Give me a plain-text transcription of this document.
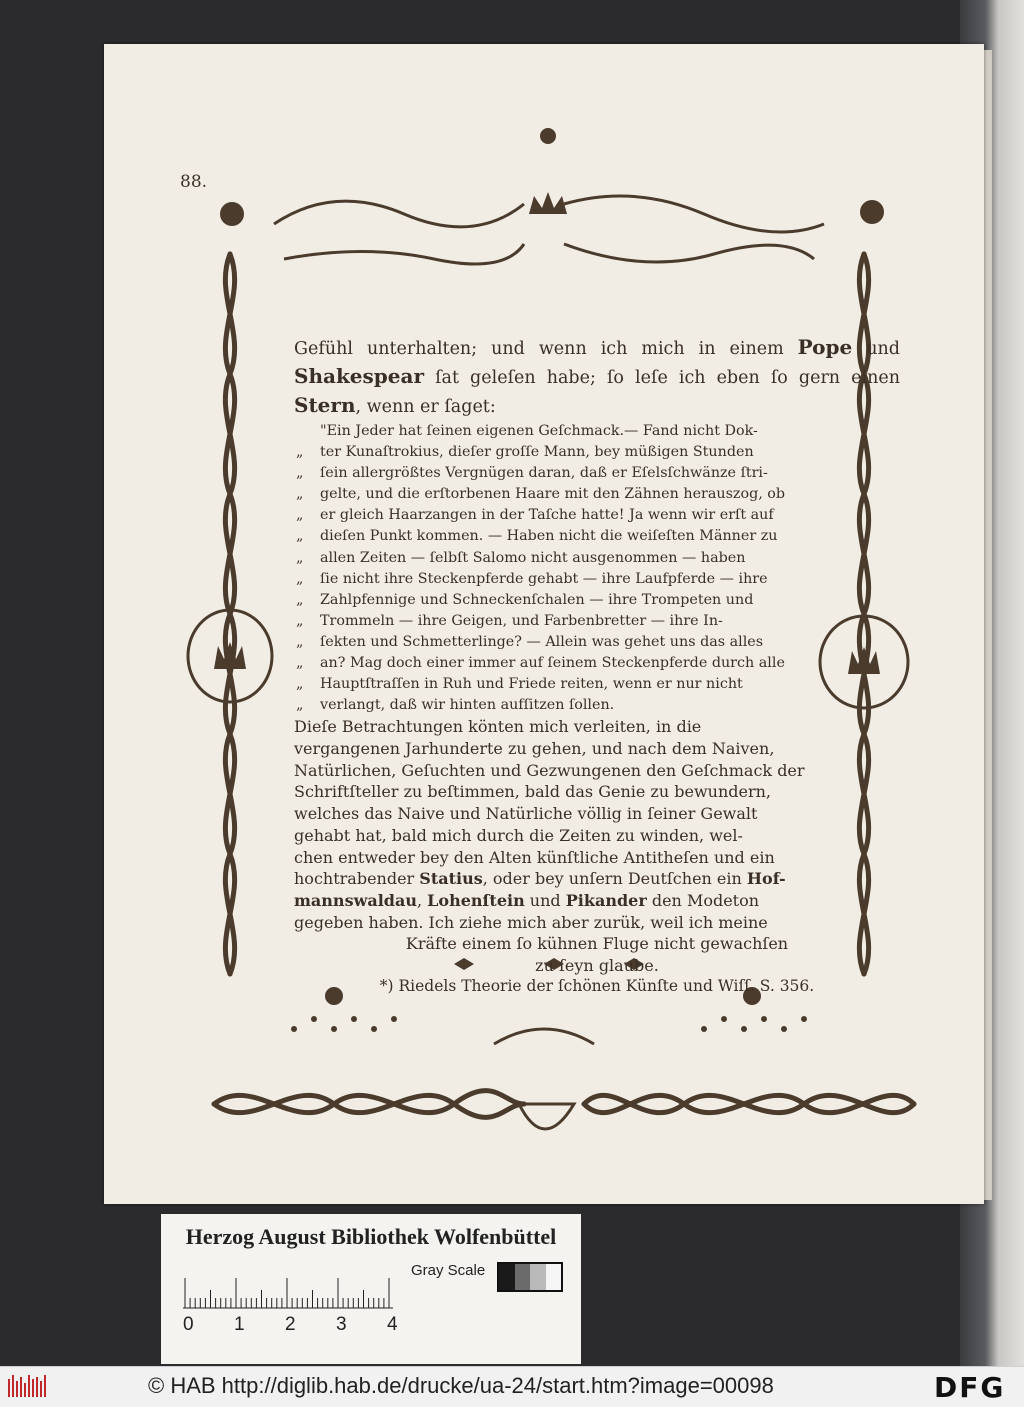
88.

Gefühl unterhalten; und wenn ich mich in einem Pope und Shakespear ſat geleſen habe; ſo leſe ich eben ſo gern einen Stern, wenn er ſaget:

"Ein Jeder hat ſeinen eigenen Geſchmack.— Fand nicht Dok-
„ ter Kunaſtrokius, dieſer groſſe Mann, bey müßigen Stunden
„ ſein allergrößtes Vergnügen daran, daß er Eſelsſchwänze ſtri-
„ gelte, und die erſtorbenen Haare mit den Zähnen herauszog, ob
„ er gleich Haarzangen in der Taſche hatte! Ja wenn wir erſt auf
„ dieſen Punkt kommen. — Haben nicht die weiſeſten Männer zu
„ allen Zeiten — ſelbſt Salomo nicht ausgenommen — haben
„ ſie nicht ihre Steckenpferde gehabt — ihre Laufpferde — ihre
„ Zahlpfennige und Schneckenſchalen — ihre Trompeten und
„ Trommeln — ihre Geigen, und Farbenbretter — ihre In-
„ ſekten und Schmetterlinge? — Allein was gehet uns das alles
„ an? Mag doch einer immer auf ſeinem Steckenpferde durch alle
„ Hauptſtraſſen in Ruh und Friede reiten, wenn er nur nicht
„ verlangt, daß wir hinten aufſitzen ſollen.

Dieſe Betrachtungen könten mich verleiten, in die
vergangenen Jarhunderte zu gehen, und nach dem Naiven,
Natürlichen, Geſuchten und Gezwungenen den Geſchmack der
Schriftſteller zu beſtimmen, bald das Genie zu bewundern,
welches das Naive und Natürliche völlig in ſeiner Gewalt
gehabt hat, bald mich durch die Zeiten zu winden, wel-
chen entweder bey den Alten künſtliche Antitheſen und ein
hochtrabender Statius, oder bey unſern Deutſchen ein Hof-
mannswaldau, Lohenſtein und Pikander den Modeton
gegeben haben. Ich ziehe mich aber zurük, weil ich meine
Kräfte einem ſo kühnen Fluge nicht gewachſen
zu ſeyn glaube.

*) Riedels Theorie der ſchönen Künſte und Wiſſ. S. 356.

Herzog August Bibliothek Wolfenbüttel
0 1 2 3 4
Gray Scale
© HAB http://diglib.hab.de/drucke/ua-24/start.htm?image=00098	DFG
